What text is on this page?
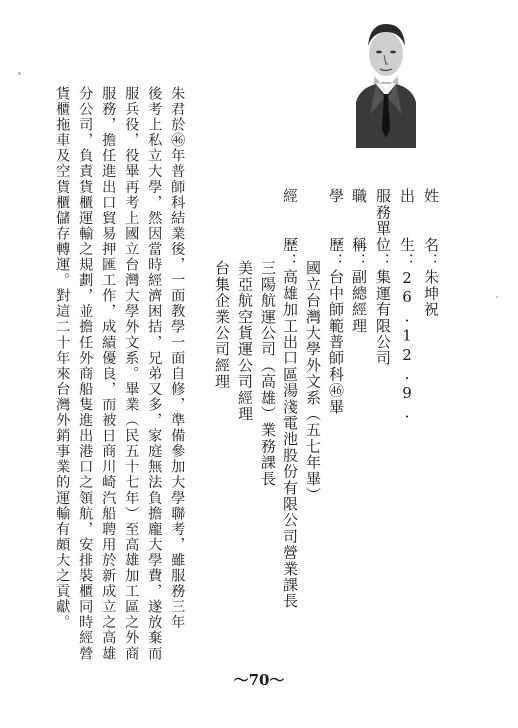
姓　　名：朱坤祝
出　　生：26.12.9.
服務單位：集運有限公司
職　　稱：副總經理
學　　歷：台中師範普師科㊻畢
國立台灣大學外文系（五七年畢）
經　　歷：高雄加工出口區湯淺電池股份有限公司營業課長
三陽航運公司（高雄）業務課長
美亞航空貨運公司經理
台集企業公司經理
朱君於㊻年普師科結業後，一面教學一面自修，準備參加大學聯考，雖服務三年
後考上私立大學，然因當時經濟困拮，兄弟又多，家庭無法負擔龐大學費，遂放棄而
服兵役，役畢再考上國立台灣大學外文系。畢業（民五十七年）至高雄加工區之外商
服務，擔任進出口貿易押匯工作，成績優良，而被日商川崎汽船聘用於新成立之高雄
分公司，負責貨櫃運輸之規劃，並擔任外商船隻進出港口之領航，安排裝櫃同時經營
貨櫃拖車及空貨櫃儲存轉運。對這二十年來台灣外銷事業的運輸有頗大之貢獻。
～70～
